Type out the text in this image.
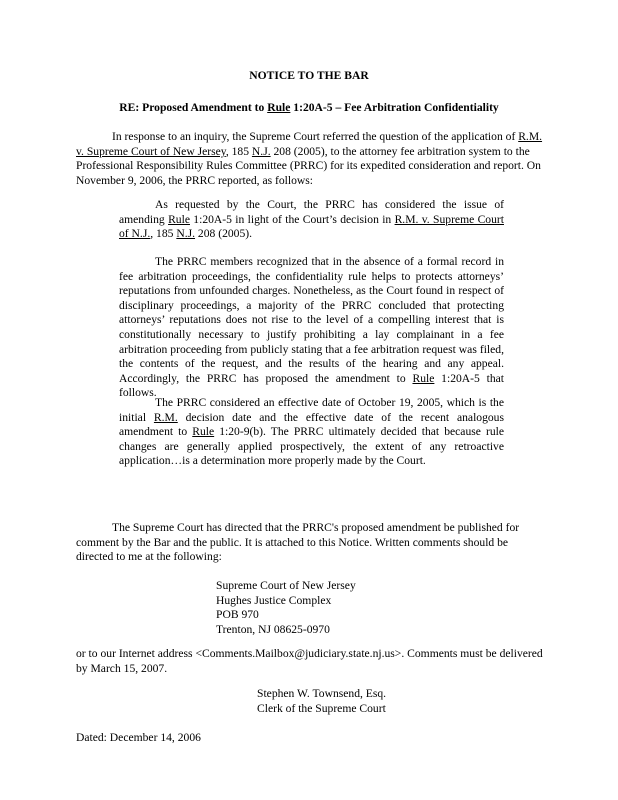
NOTICE TO THE BAR
RE: Proposed Amendment to Rule 1:20A-5 – Fee Arbitration Confidentiality

In response to an inquiry, the Supreme Court referred the question of the application of R.M. v. Supreme Court of New Jersey, 185 N.J. 208 (2005), to the attorney fee arbitration system to the Professional Responsibility Rules Committee (PRRC) for its expedited consideration and report. On November 9, 2006, the PRRC reported, as follows:

As requested by the Court, the PRRC has considered the issue of amending Rule 1:20A-5 in light of the Court’s decision in R.M. v. Supreme Court of N.J., 185 N.J. 208 (2005).

The PRRC members recognized that in the absence of a formal record in fee arbitration proceedings, the confidentiality rule helps to protects attorneys’ reputations from unfounded charges. Nonetheless, as the Court found in respect of disciplinary proceedings, a majority of the PRRC concluded that protecting attorneys’ reputations does not rise to the level of a compelling interest that is constitutionally necessary to justify prohibiting a lay complainant in a fee arbitration proceeding from publicly stating that a fee arbitration request was filed, the contents of the request, and the results of the hearing and any appeal. Accordingly, the PRRC has proposed the amendment to Rule 1:20A-5 that follows.

The PRRC considered an effective date of October 19, 2005, which is the initial R.M. decision date and the effective date of the recent analogous amendment to Rule 1:20-9(b). The PRRC ultimately decided that because rule changes are generally applied prospectively, the extent of any retroactive application…is a determination more properly made by the Court.

The Supreme Court has directed that the PRRC's proposed amendment be published for comment by the Bar and the public. It is attached to this Notice. Written comments should be directed to me at the following:

Supreme Court of New Jersey
Hughes Justice Complex
POB 970
Trenton, NJ 08625-0970

or to our Internet address <Comments.Mailbox@judiciary.state.nj.us>. Comments must be delivered by March 15, 2007.

Stephen W. Townsend, Esq.
Clerk of the Supreme Court
Dated: December 14, 2006
